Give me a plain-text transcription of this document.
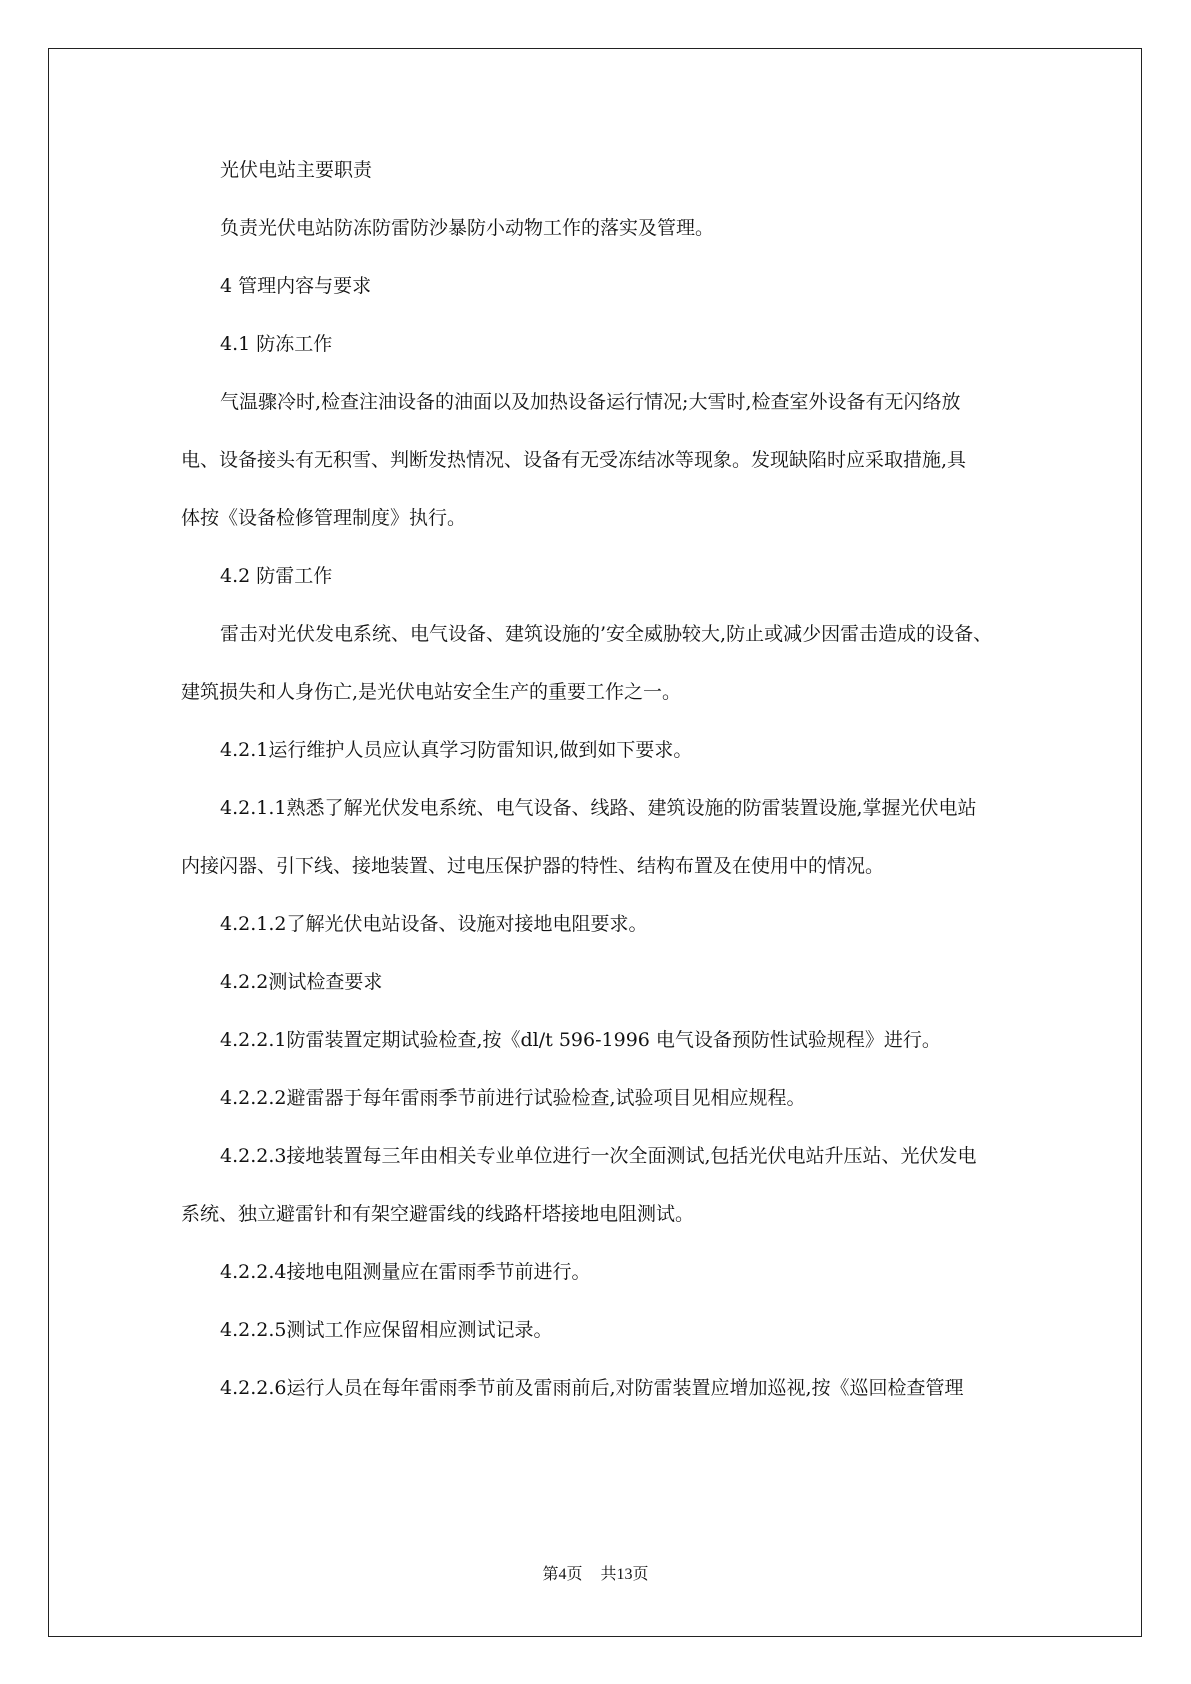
光伏电站主要职责
负责光伏电站防冻防雷防沙暴防小动物工作的落实及管理。
4 管理内容与要求
4.1 防冻工作
气温骤冷时,检查注油设备的油面以及加热设备运行情况;大雪时,检查室外设备有无闪络放
电、设备接头有无积雪、判断发热情况、设备有无受冻结冰等现象。发现缺陷时应采取措施,具
体按《设备检修管理制度》执行。
4.2 防雷工作
雷击对光伏发电系统、电气设备、建筑设施的’安全威胁较大,防止或减少因雷击造成的设备、
建筑损失和人身伤亡,是光伏电站安全生产的重要工作之一。
4.2.1运行维护人员应认真学习防雷知识,做到如下要求。
4.2.1.1熟悉了解光伏发电系统、电气设备、线路、建筑设施的防雷装置设施,掌握光伏电站
内接闪器、引下线、接地装置、过电压保护器的特性、结构布置及在使用中的情况。
4.2.1.2了解光伏电站设备、设施对接地电阻要求。
4.2.2测试检查要求
4.2.2.1防雷装置定期试验检查,按《dl/t 596-1996 电气设备预防性试验规程》进行。
4.2.2.2避雷器于每年雷雨季节前进行试验检查,试验项目见相应规程。
4.2.2.3接地装置每三年由相关专业单位进行一次全面测试,包括光伏电站升压站、光伏发电
系统、独立避雷针和有架空避雷线的线路杆塔接地电阻测试。
4.2.2.4接地电阻测量应在雷雨季节前进行。
4.2.2.5测试工作应保留相应测试记录。
4.2.2.6运行人员在每年雷雨季节前及雷雨前后,对防雷装置应增加巡视,按《巡回检查管理
第4页 共13页
